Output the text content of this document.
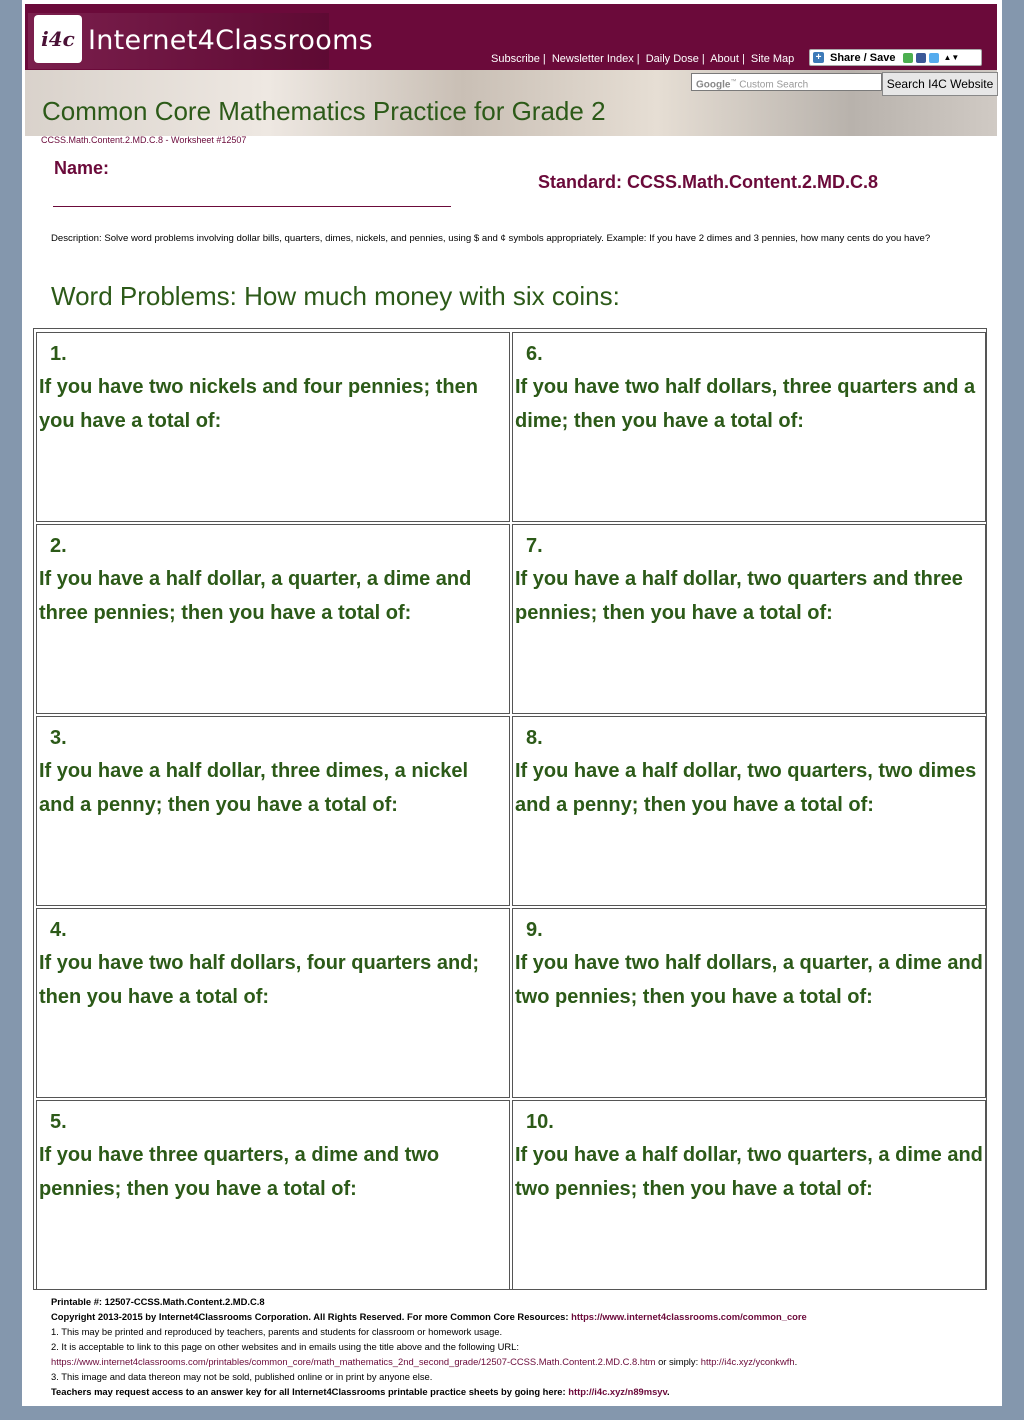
i4c Internet4Classrooms
Subscribe | Newsletter Index | Daily Dose | About | Site Map + Share / Save	▲▼
Google™ Custom Search	Search I4C Website
Common Core Mathematics Practice for Grade 2
CCSS.Math.Content.2.MD.C.8 - Worksheet #12507
Name:
Standard: CCSS.Math.Content.2.MD.C.8
Description: Solve word problems involving dollar bills, quarters, dimes, nickels, and pennies, using $ and ¢ symbols appropriately. Example: If you have 2 dimes and 3 pennies, how many cents do you have?
Word Problems: How much money with six coins:
1.
If you have two nickels and four pennies; then you have a total of:
2.
If you have a half dollar, a quarter, a dime and three pennies; then you have a total of:
3.
If you have a half dollar, three dimes, a nickel and a penny; then you have a total of:
4.
If you have two half dollars, four quarters and; then you have a total of:
5.
If you have three quarters, a dime and two pennies; then you have a total of:
6.
If you have two half dollars, three quarters and a dime; then you have a total of:
7.
If you have a half dollar, two quarters and three pennies; then you have a total of:
8.
If you have a half dollar, two quarters, two dimes and a penny; then you have a total of:
9.
If you have two half dollars, a quarter, a dime and two pennies; then you have a total of:
10.
If you have a half dollar, two quarters, a dime and two pennies; then you have a total of:
Printable #: 12507-CCSS.Math.Content.2.MD.C.8
Copyright 2013-2015 by Internet4Classrooms Corporation. All Rights Reserved. For more Common Core Resources: https://www.internet4classrooms.com/common_core
1. This may be printed and reproduced by teachers, parents and students for classroom or homework usage.
2. It is acceptable to link to this page on other websites and in emails using the title above and the following URL:
https://www.internet4classrooms.com/printables/common_core/math_mathematics_2nd_second_grade/12507-CCSS.Math.Content.2.MD.C.8.htm or simply: http://i4c.xyz/yconkwfh.
3. This image and data thereon may not be sold, published online or in print by anyone else.
Teachers may request access to an answer key for all Internet4Classrooms printable practice sheets by going here: http://i4c.xyz/n89msyv.
